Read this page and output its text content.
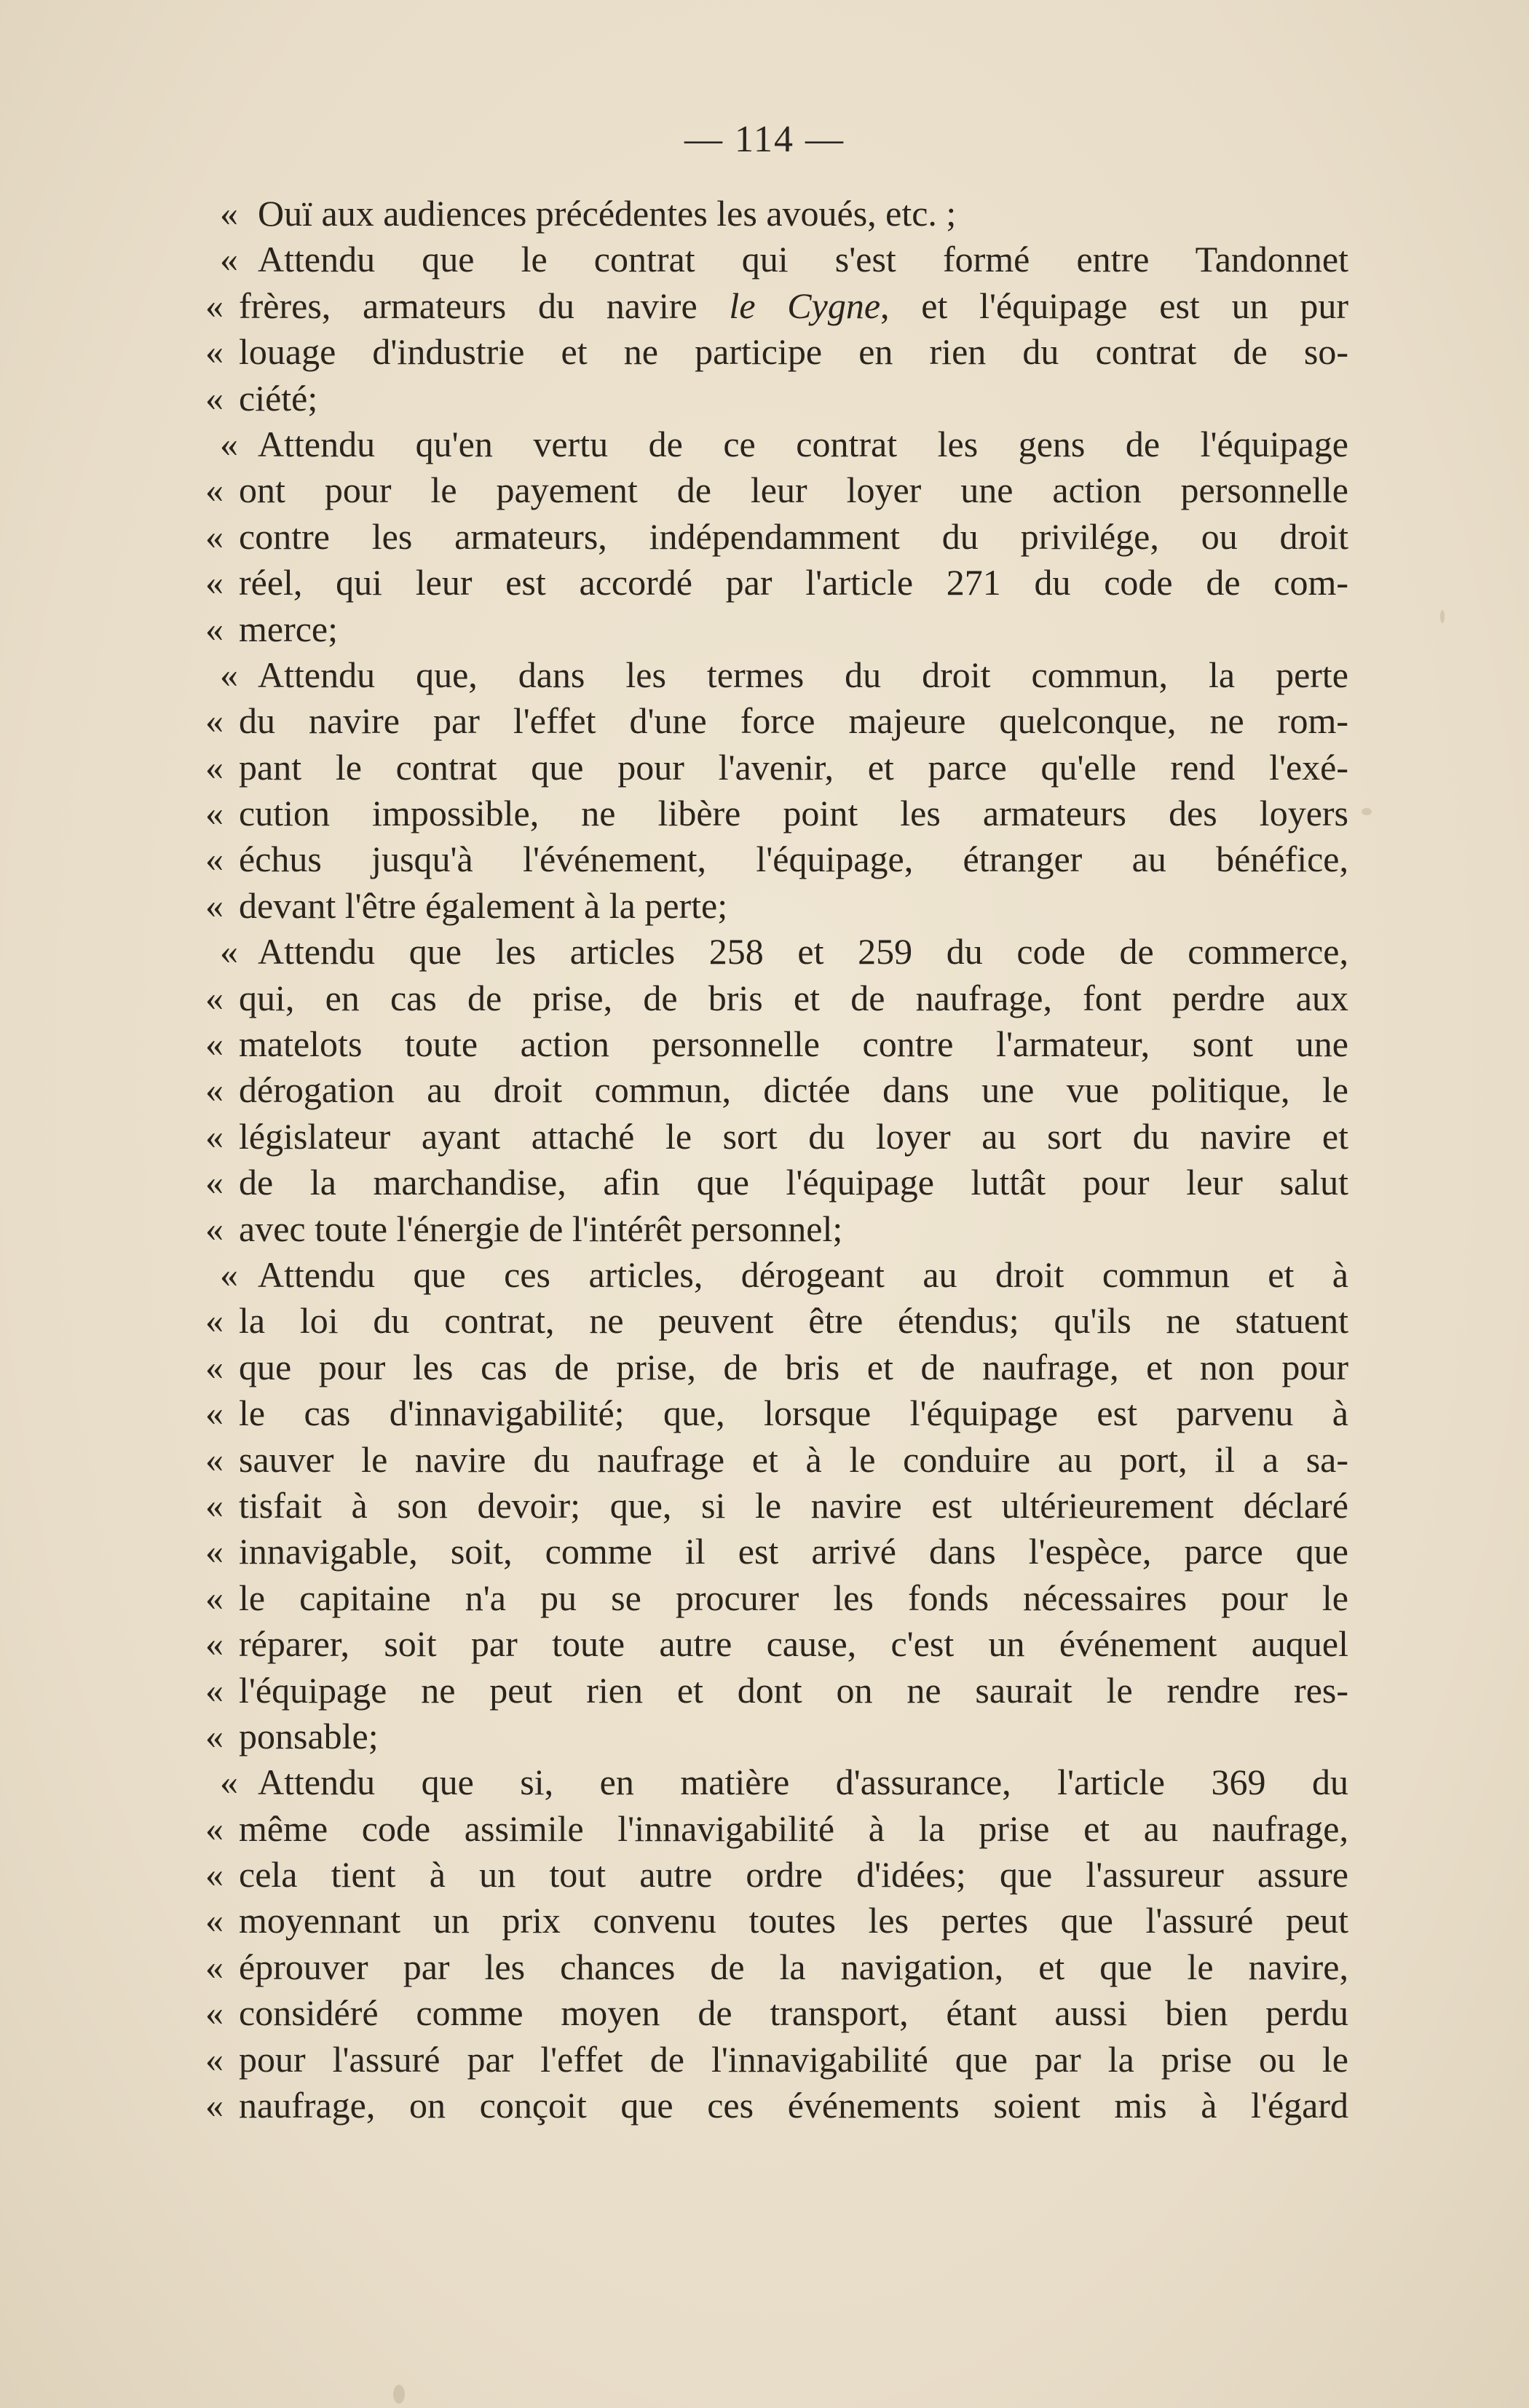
— 114 —
« Ouï aux audiences précédentes les avoués, etc. ;
« Attendu que le contrat qui s'est formé entre Tandonnet
« frères, armateurs du navire le Cygne, et l'équipage est un pur
« louage d'industrie et ne participe en rien du contrat de so-
« ciété;
« Attendu qu'en vertu de ce contrat les gens de l'équipage
« ont pour le payement de leur loyer une action personnelle
« contre les armateurs, indépendamment du privilége, ou droit
« réel, qui leur est accordé par l'article 271 du code de com-
« merce;
« Attendu que, dans les termes du droit commun, la perte
« du navire par l'effet d'une force majeure quelconque, ne rom-
« pant le contrat que pour l'avenir, et parce qu'elle rend l'exé-
« cution impossible, ne libère point les armateurs des loyers
« échus jusqu'à l'événement, l'équipage, étranger au bénéfice,
« devant l'être également à la perte;
« Attendu que les articles 258 et 259 du code de commerce,
« qui, en cas de prise, de bris et de naufrage, font perdre aux
« matelots toute action personnelle contre l'armateur, sont une
« dérogation au droit commun, dictée dans une vue politique, le
« législateur ayant attaché le sort du loyer au sort du navire et
« de la marchandise, afin que l'équipage luttât pour leur salut
« avec toute l'énergie de l'intérêt personnel;
« Attendu que ces articles, dérogeant au droit commun et à
« la loi du contrat, ne peuvent être étendus; qu'ils ne statuent
« que pour les cas de prise, de bris et de naufrage, et non pour
« le cas d'innavigabilité; que, lorsque l'équipage est parvenu à
« sauver le navire du naufrage et à le conduire au port, il a sa-
« tisfait à son devoir; que, si le navire est ultérieurement déclaré
« innavigable, soit, comme il est arrivé dans l'espèce, parce que
« le capitaine n'a pu se procurer les fonds nécessaires pour le
« réparer, soit par toute autre cause, c'est un événement auquel
« l'équipage ne peut rien et dont on ne saurait le rendre res-
« ponsable;
« Attendu que si, en matière d'assurance, l'article 369 du
« même code assimile l'innavigabilité à la prise et au naufrage,
« cela tient à un tout autre ordre d'idées; que l'assureur assure
« moyennant un prix convenu toutes les pertes que l'assuré peut
« éprouver par les chances de la navigation, et que le navire,
« considéré comme moyen de transport, étant aussi bien perdu
« pour l'assuré par l'effet de l'innavigabilité que par la prise ou le
« naufrage, on conçoit que ces événements soient mis à l'égard
